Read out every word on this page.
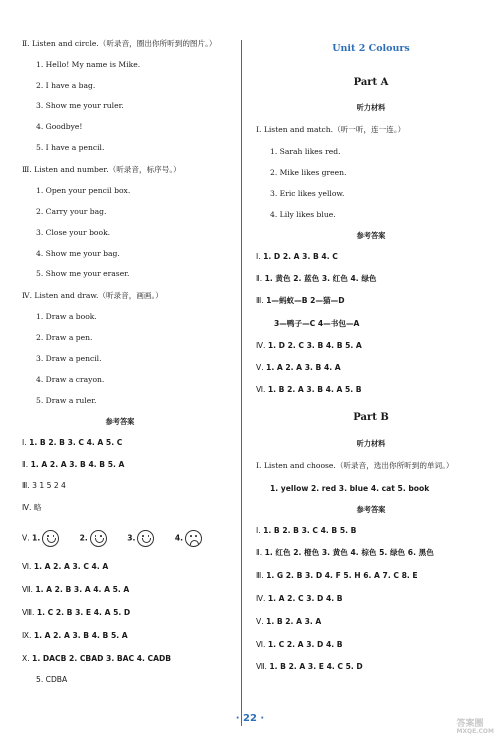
Ⅱ. Listen and circle.（听录音，圈出你所听到的图片。）
1. Hello! My name is Mike.
2. I have a bag.
3. Show me your ruler.
4. Goodbye!
5. I have a pencil.
Ⅲ. Listen and number.（听录音，标序号。）
1. Open your pencil box.
2. Carry your bag.
3. Close your book.
4. Show me your bag.
5. Show me your eraser.
Ⅳ. Listen and draw.（听录音，画画。）
1. Draw a book.
2. Draw a pen.
3. Draw a pencil.
4. Draw a crayon.
5. Draw a ruler.
参考答案
Ⅰ. 1. B 2. B 3. C 4. A 5. C
Ⅱ. 1. A 2. A 3. B 4. B 5. A
Ⅲ. 3 1 5 2 4
Ⅳ. 略
Ⅴ. 1.	2.	3.	4.
Ⅵ. 1. A 2. A 3. C 4. A
Ⅶ. 1. A 2. B 3. A 4. A 5. A
Ⅷ. 1. C 2. B 3. E 4. A 5. D
Ⅸ. 1. A 2. A 3. B 4. B 5. A
Ⅹ. 1. DACB 2. CBAD 3. BAC 4. CADB
5. CDBA
Unit 2 Colours
Part A
听力材料
Ⅰ. Listen and match.（听一听，连一连。）
1. Sarah likes red.
2. Mike likes green.
3. Eric likes yellow.
4. Lily likes blue.
参考答案
Ⅰ. 1. D 2. A 3. B 4. C
Ⅱ. 1. 黄色 2. 蓝色 3. 红色 4. 绿色
Ⅲ. 1—蚂蚁—B 2—猫—D
3—鸭子—C 4—书包—A
Ⅳ. 1. D 2. C 3. B 4. B 5. A
Ⅴ. 1. A 2. A 3. B 4. A
Ⅵ. 1. B 2. A 3. B 4. A 5. B
Part B
听力材料
Ⅰ. Listen and choose.（听录音，选出你所听到的单词。）
1. yellow 2. red 3. blue 4. cat 5. book
参考答案
Ⅰ. 1. B 2. B 3. C 4. B 5. B
Ⅱ. 1. 红色 2. 橙色 3. 黄色 4. 棕色 5. 绿色 6. 黑色
Ⅲ. 1. G 2. B 3. D 4. F 5. H 6. A 7. C 8. E
Ⅳ. 1. A 2. C 3. D 4. B
Ⅴ. 1. B 2. A 3. A
Ⅵ. 1. C 2. A 3. D 4. B
Ⅶ. 1. B 2. A 3. E 4. C 5. D
· 22 ·	答案圈
MXQE.COM
